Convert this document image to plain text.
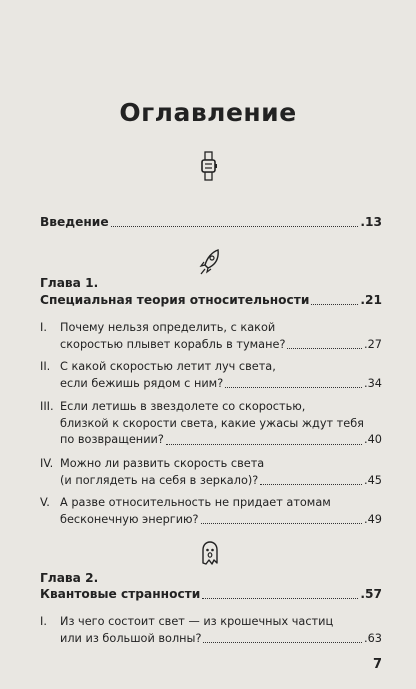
Оглавление
Введение	.13
Глава 1.
Специальная теория относительности	.21
I.	Почему нельзя определить, с какой
скоростью плывет корабль в тумане?	.27
II. С какой скоростью летит луч света,
если бежишь рядом с ним?	.34
III. Если летишь в звездолете со скоростью,
близкой к скорости света, какие ужасы ждут тебя
по возвращении?	.40
IV. Можно ли развить скорость света
(и поглядеть на себя в зеркало)?	.45
V. А разве относительность не придает атомам
бесконечную энергию?	.49
Глава 2.
Квантовые странности	.57
I.	Из чего состоит свет — из крошечных частиц
или из большой волны?	.63
7
